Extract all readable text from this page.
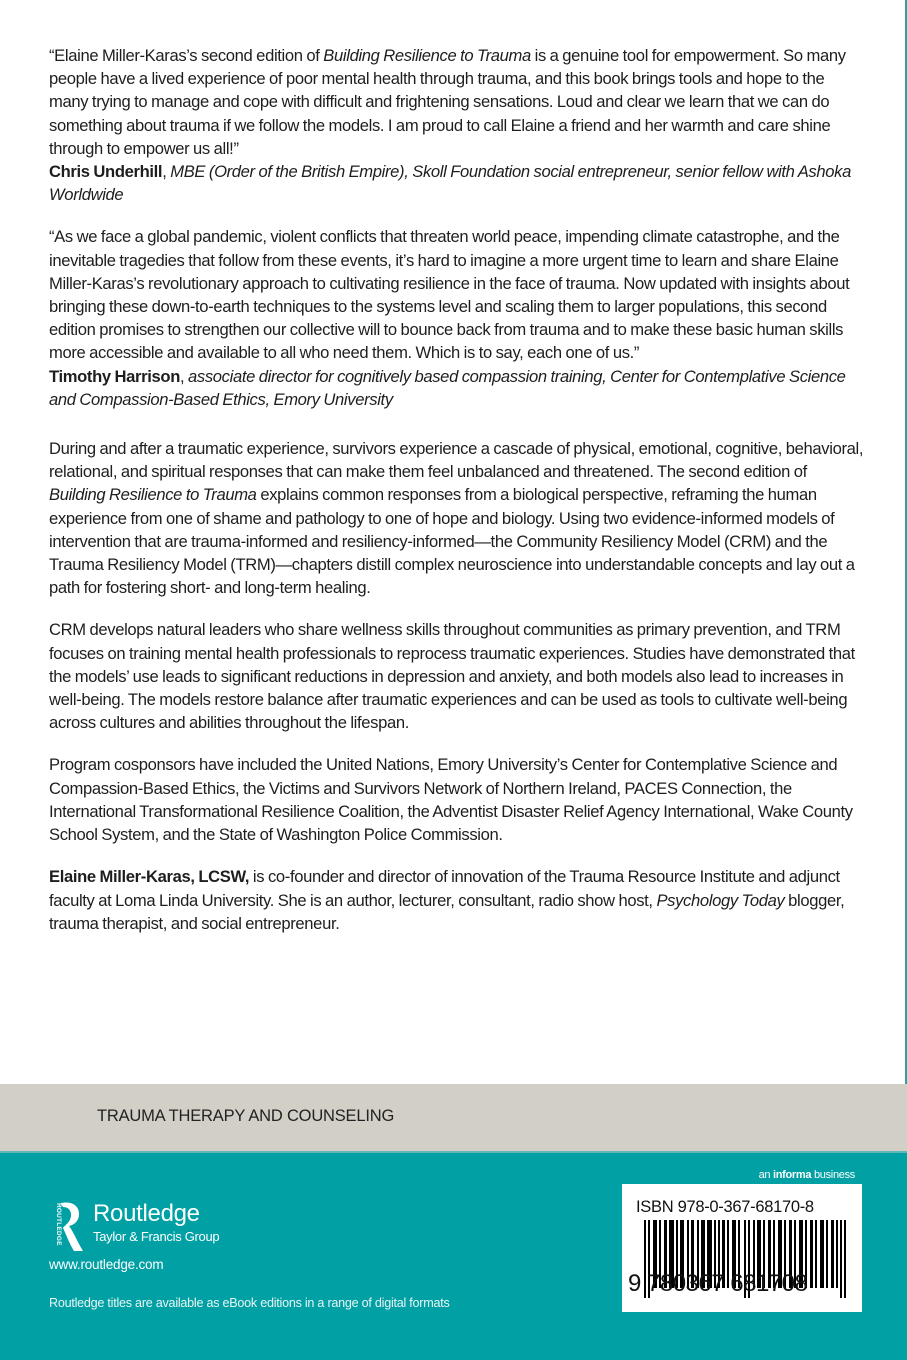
“Elaine Miller-Karas’s second edition of Building Resilience to Trauma is a genuine tool for empowerment. So many people have a lived experience of poor mental health through trauma, and this book brings tools and hope to the many trying to manage and cope with difficult and frightening sensations. Loud and clear we learn that we can do something about trauma if we follow the models. I am proud to call Elaine a friend and her warmth and care shine through to empower us all!”
Chris Underhill, MBE (Order of the British Empire), Skoll Foundation social entrepreneur, senior fellow with Ashoka Worldwide

“As we face a global pandemic, violent conflicts that threaten world peace, impending climate catastrophe, and the inevitable tragedies that follow from these events, it’s hard to imagine a more urgent time to learn and share Elaine Miller-Karas’s revolutionary approach to cultivating resilience in the face of trauma. Now updated with insights about bringing these down-to-earth techniques to the systems level and scaling them to larger populations, this second edition promises to strengthen our collective will to bounce back from trauma and to make these basic human skills more accessible and available to all who need them. Which is to say, each one of us.”
Timothy Harrison, associate director for cognitively based compassion training, Center for Contemplative Science and Compassion-Based Ethics, Emory University

During and after a traumatic experience, survivors experience a cascade of physical, emotional, cognitive, behavioral, relational, and spiritual responses that can make them feel unbalanced and threatened. The second edition of Building Resilience to Trauma explains common responses from a biological perspective, reframing the human experience from one of shame and pathology to one of hope and biology. Using two evidence-informed models of intervention that are trauma-informed and resiliency-informed—the Community Resiliency Model (CRM) and the Trauma Resiliency Model (TRM)—chapters distill complex neuroscience into understandable concepts and lay out a path for fostering short- and long-term healing.

CRM develops natural leaders who share wellness skills throughout communities as primary prevention, and TRM focuses on training mental health professionals to reprocess traumatic experiences. Studies have demonstrated that the models’ use leads to significant reductions in depression and anxiety, and both models also lead to increases in well-being. The models restore balance after traumatic experiences and can be used as tools to cultivate well-being across cultures and abilities throughout the lifespan.

Program cosponsors have included the United Nations, Emory University’s Center for Contemplative Science and Compassion-Based Ethics, the Victims and Survivors Network of Northern Ireland, PACES Connection, the International Transformational Resilience Coalition, the Adventist Disaster Relief Agency International, Wake County School System, and the State of Washington Police Commission.

Elaine Miller-Karas, LCSW, is co-founder and director of innovation of the Trauma Resource Institute and adjunct faculty at Loma Linda University. She is an author, lecturer, consultant, radio show host, Psychology Today blogger, trauma therapist, and social entrepreneur.

TRAUMA THERAPY AND COUNSELING
ROUTLEDGE Routledge
Taylor & Francis Group
www.routledge.com
Routledge titles are available as eBook editions in a range of digital formats
an informa business
ISBN 978-0-367-68170-8
9 780367 681708
